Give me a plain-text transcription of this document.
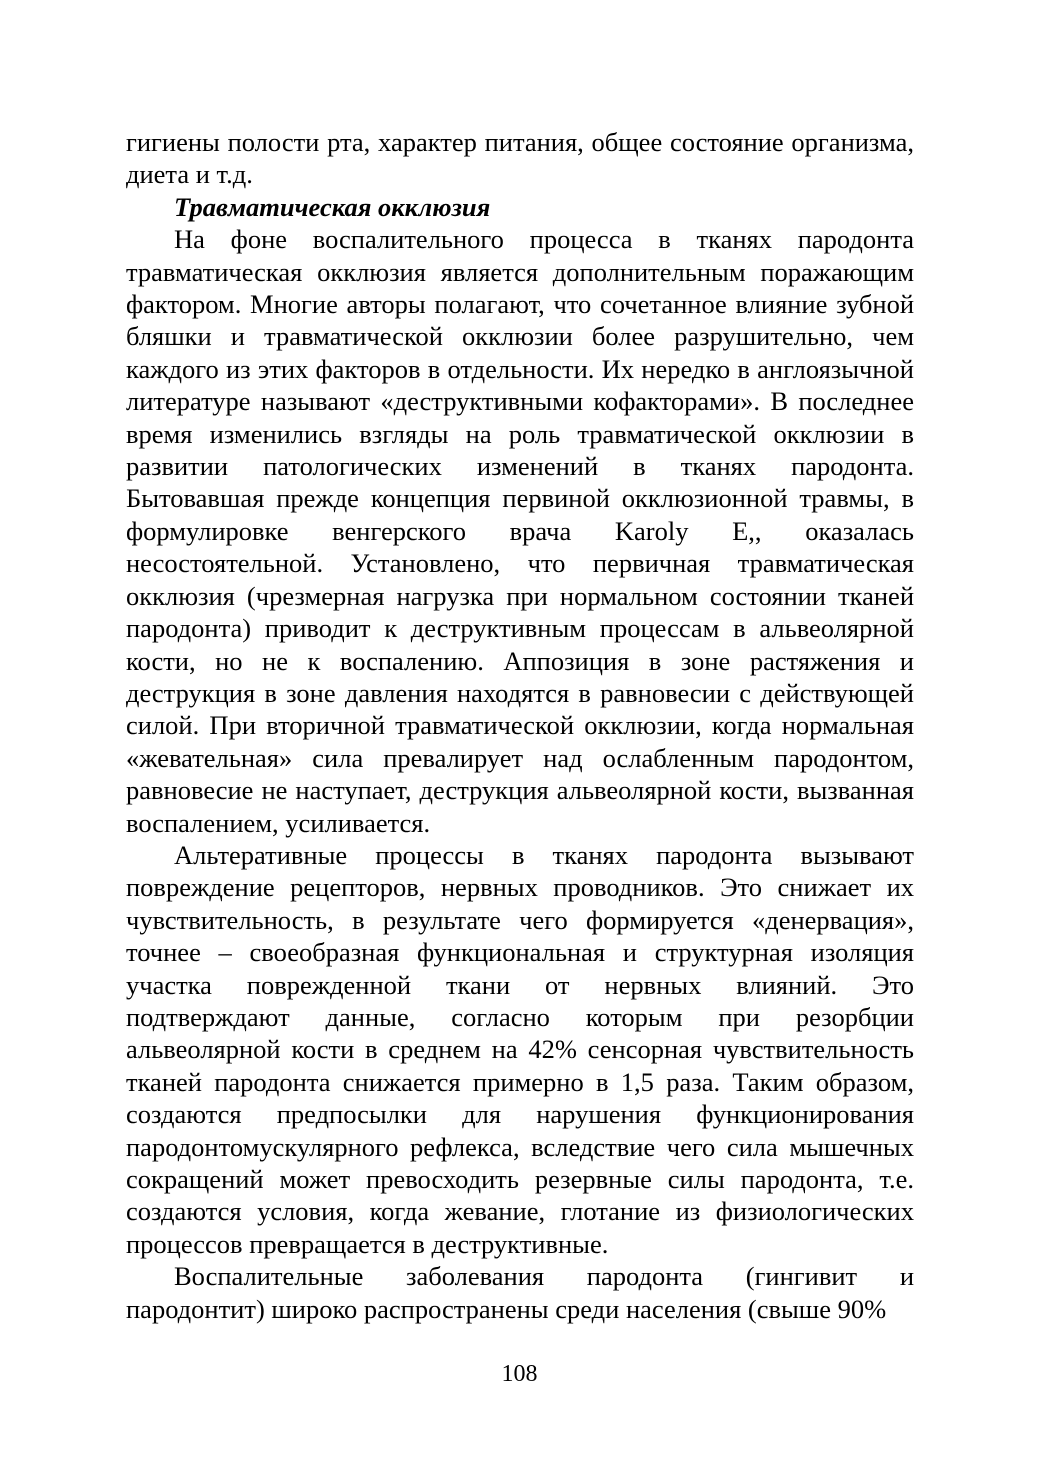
гигиены полости рта, характер питания, общее состояние организма, диета и т.д.

Травматическая окклюзия

На фоне воспалительного процесса в тканях пародонта травматическая окклюзия является дополнительным поражающим фактором. Многие авторы полагают, что сочетанное влияние зубной бляшки и травматической окклюзии более разрушительно, чем каждого из этих факторов в отдельности. Их нередко в англоязычной литературе называют «деструктивными кофакторами». В последнее время изменились взгляды на роль травматической окклюзии в развитии патологических изменений в тканях пародонта. Бытовавшая прежде концепция первиной окклюзионной травмы, в формулировке венгерского врача Karoly E,, оказалась несостоятельной. Установлено, что первичная травматическая окклюзия (чрезмерная нагрузка при нормальном состоянии тканей пародонта) приводит к деструктивным процессам в альвеолярной кости, но не к воспалению. Аппозиция в зоне растяжения и деструкция в зоне давления находятся в равновесии с действующей силой. При вторичной травматической окклюзии, когда нормальная «жевательная» сила превалирует над ослабленным пародонтом, равновесие не наступает, деструкция альвеолярной кости, вызванная воспалением, усиливается.

Альтеративные процессы в тканях пародонта вызывают повреждение рецепторов, нервных проводников. Это снижает их чувствительность, в результате чего формируется «денервация», точнее – своеобразная функциональная и структурная изоляция участка поврежденной ткани от нервных влияний. Это подтверждают данные, согласно которым при резорбции альвеолярной кости в среднем на 42% сенсорная чувствительность тканей пародонта снижается примерно в 1,5 раза. Таким образом, создаются предпосылки для нарушения функционирования пародонтомускулярного рефлекса, вследствие чего сила мышечных сокращений может превосходить резервные силы пародонта, т.е. создаются условия, когда жевание, глотание из физиологических процессов превращается в деструктивные.

Воспалительные заболевания пародонта (гингивит и пародонтит) широко распространены среди населения (свыше 90%

108
